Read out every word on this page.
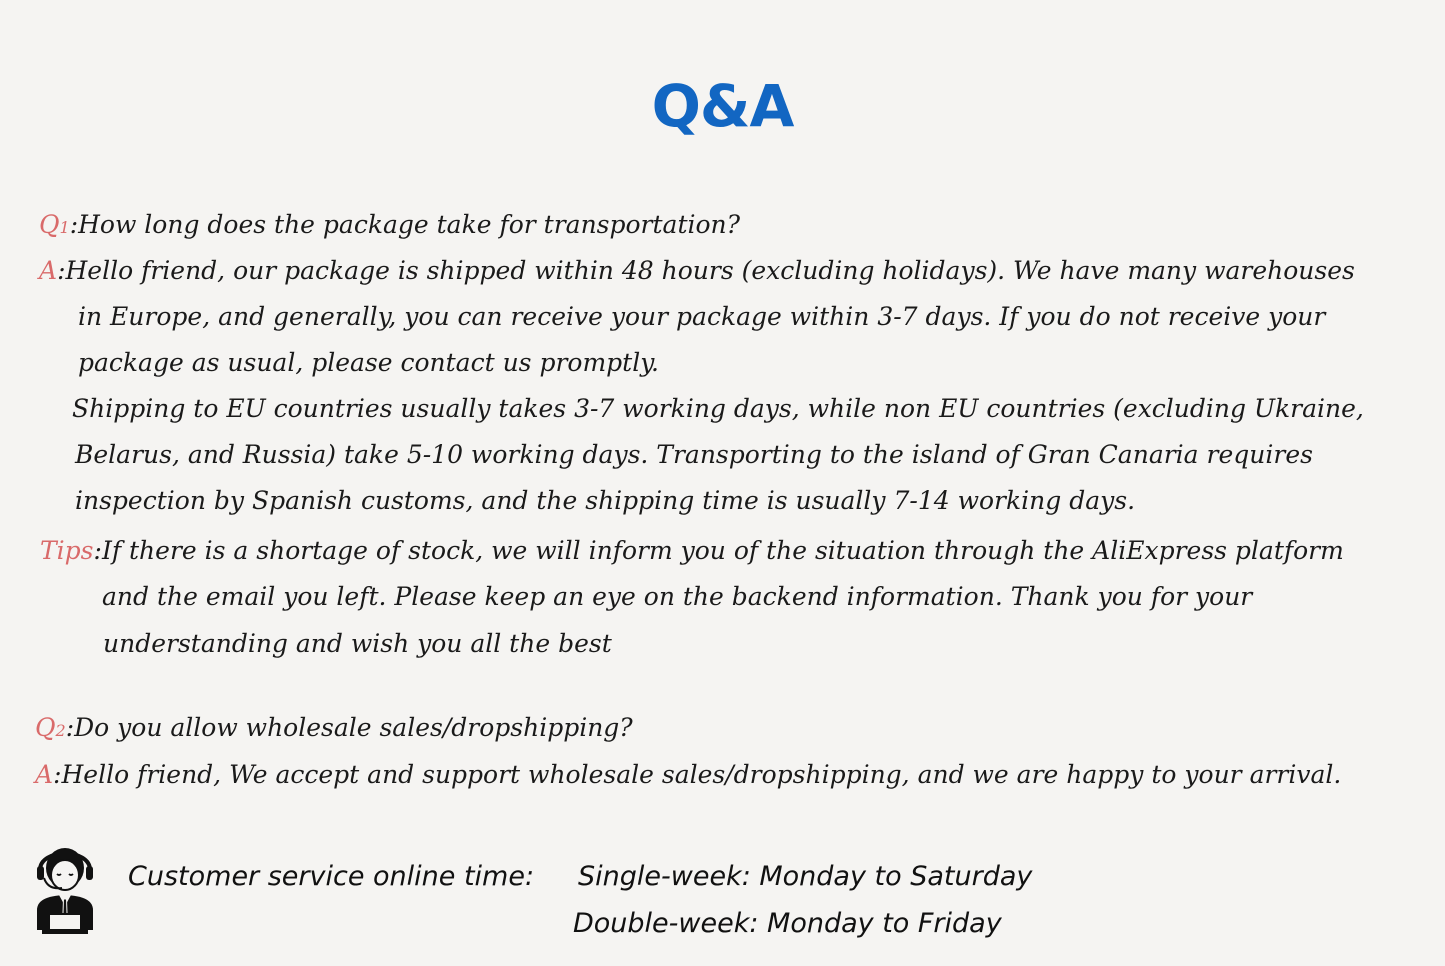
Q&A
Q1:How long does the package take for transportation?
A:Hello friend, our package is shipped within 48 hours (excluding holidays). We have many warehouses
in Europe, and generally, you can receive your package within 3-7 days. If you do not receive your
package as usual, please contact us promptly.
Shipping to EU countries usually takes 3-7 working days, while non EU countries (excluding Ukraine,
Belarus, and Russia) take 5-10 working days. Transporting to the island of Gran Canaria requires
inspection by Spanish customs, and the shipping time is usually 7-14 working days.
Tips:If there is a shortage of stock, we will inform you of the situation through the AliExpress platform
and the email you left. Please keep an eye on the backend information. Thank you for your
understanding and wish you all the best
Q2:Do you allow wholesale sales/dropshipping?
A:Hello friend, We accept and support wholesale sales/dropshipping, and we are happy to your arrival.
Customer service online time: Single-week: Monday to Saturday
Double-week: Monday to Friday
